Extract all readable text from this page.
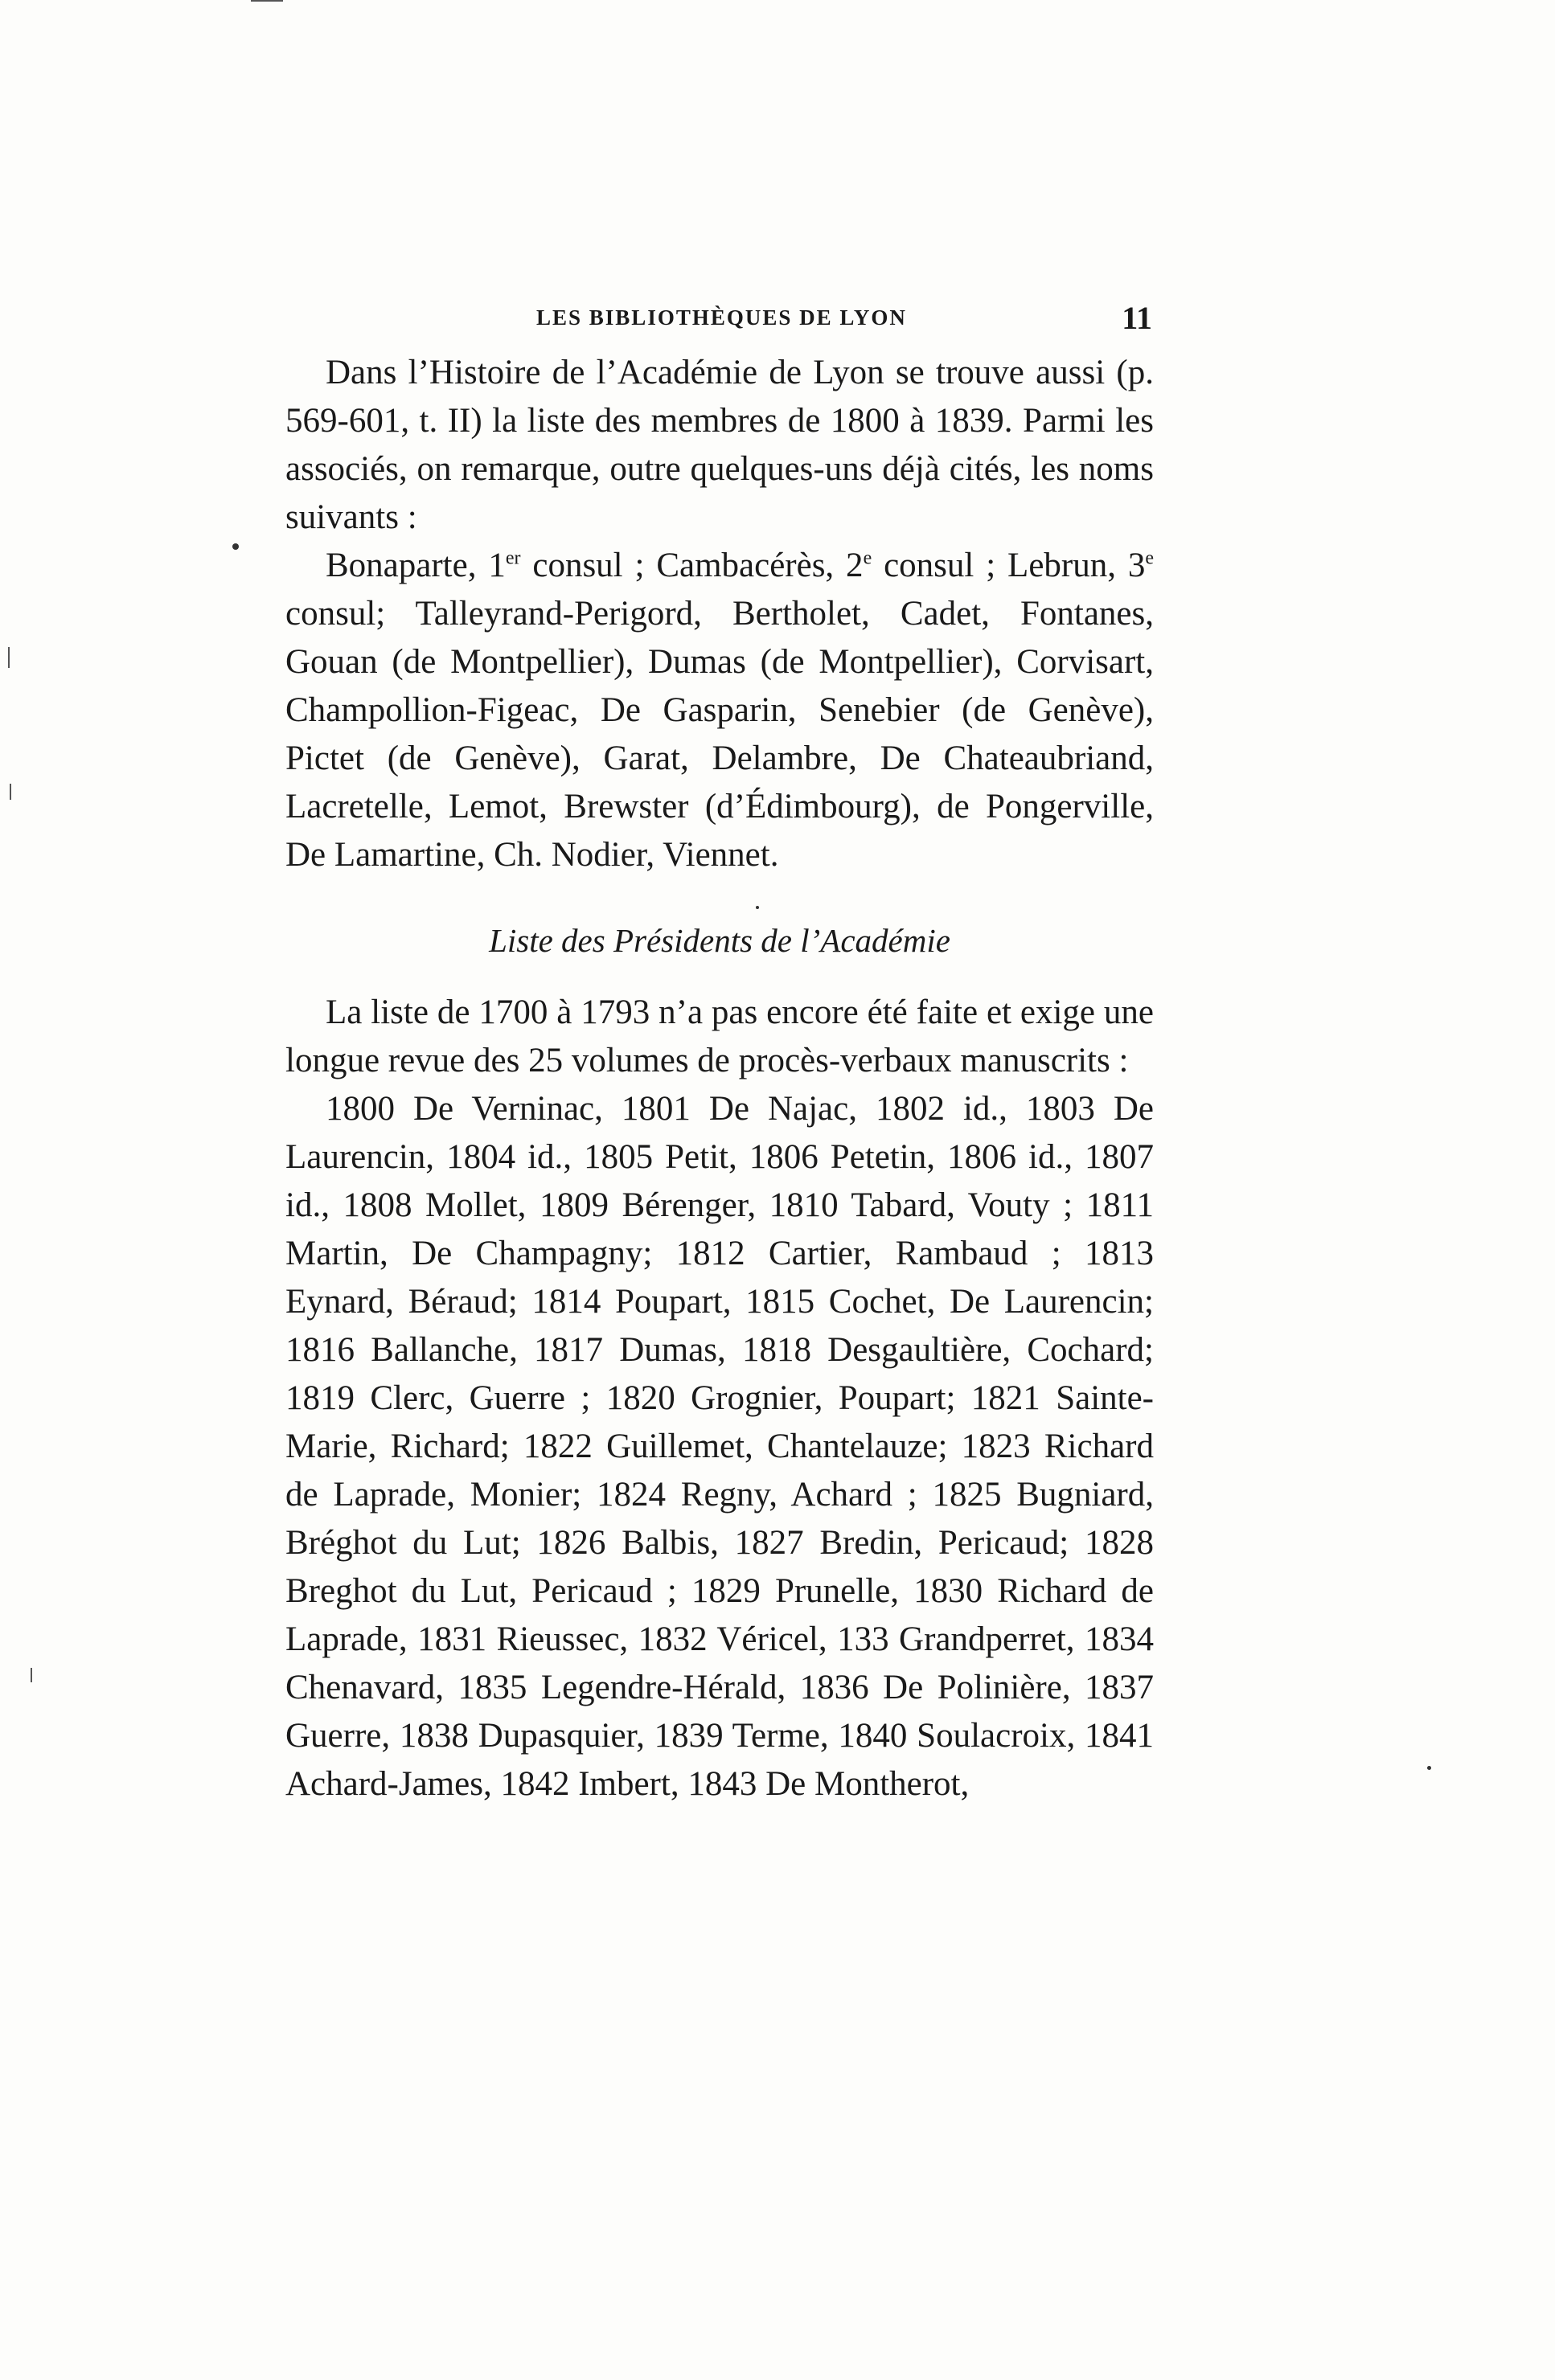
LES BIBLIOTHÈQUES DE LYON	11

Dans l’Histoire de l’Académie de Lyon se trouve aussi (p. 569-601, t. II) la liste des membres de 1800 à 1839. Parmi les associés, on remarque, outre quelques-uns déjà cités, les noms suivants :

Bonaparte, 1er consul ; Cambacérès, 2e consul ; Lebrun, 3e consul; Talleyrand-Perigord, Bertholet, Cadet, Fontanes, Gouan (de Montpellier), Dumas (de Montpellier), Corvisart, Champollion-Figeac, De Gasparin, Senebier (de Genève), Pictet (de Genève), Garat, Delambre, De Chateaubriand, Lacretelle, Lemot, Brewster (d’Édimbourg), de Pongerville, De Lamartine, Ch. Nodier, Viennet.

Liste des Présidents de l’Académie

La liste de 1700 à 1793 n’a pas encore été faite et exige une longue revue des 25 volumes de procès-verbaux manuscrits :

1800 De Verninac, 1801 De Najac, 1802 id., 1803 De Laurencin, 1804 id., 1805 Petit, 1806 Petetin, 1806 id., 1807 id., 1808 Mollet, 1809 Bérenger, 1810 Tabard, Vouty ; 1811 Martin, De Champagny; 1812 Cartier, Rambaud ; 1813 Eynard, Béraud; 1814 Poupart, 1815 Cochet, De Laurencin; 1816 Ballanche, 1817 Dumas, 1818 Desgaultière, Cochard; 1819 Clerc, Guerre ; 1820 Grognier, Poupart; 1821 Sainte-Marie, Richard; 1822 Guillemet, Chantelauze; 1823 Richard de Laprade, Monier; 1824 Regny, Achard ; 1825 Bugniard, Bréghot du Lut; 1826 Balbis, 1827 Bredin, Pericaud; 1828 Breghot du Lut, Pericaud ; 1829 Prunelle, 1830 Richard de Laprade, 1831 Rieussec, 1832 Véricel, 133 Grandperret, 1834 Chenavard, 1835 Legendre-Hérald, 1836 De Polinière, 1837 Guerre, 1838 Dupasquier, 1839 Terme, 1840 Soulacroix, 1841 Achard-James, 1842 Imbert, 1843 De Montherot,
